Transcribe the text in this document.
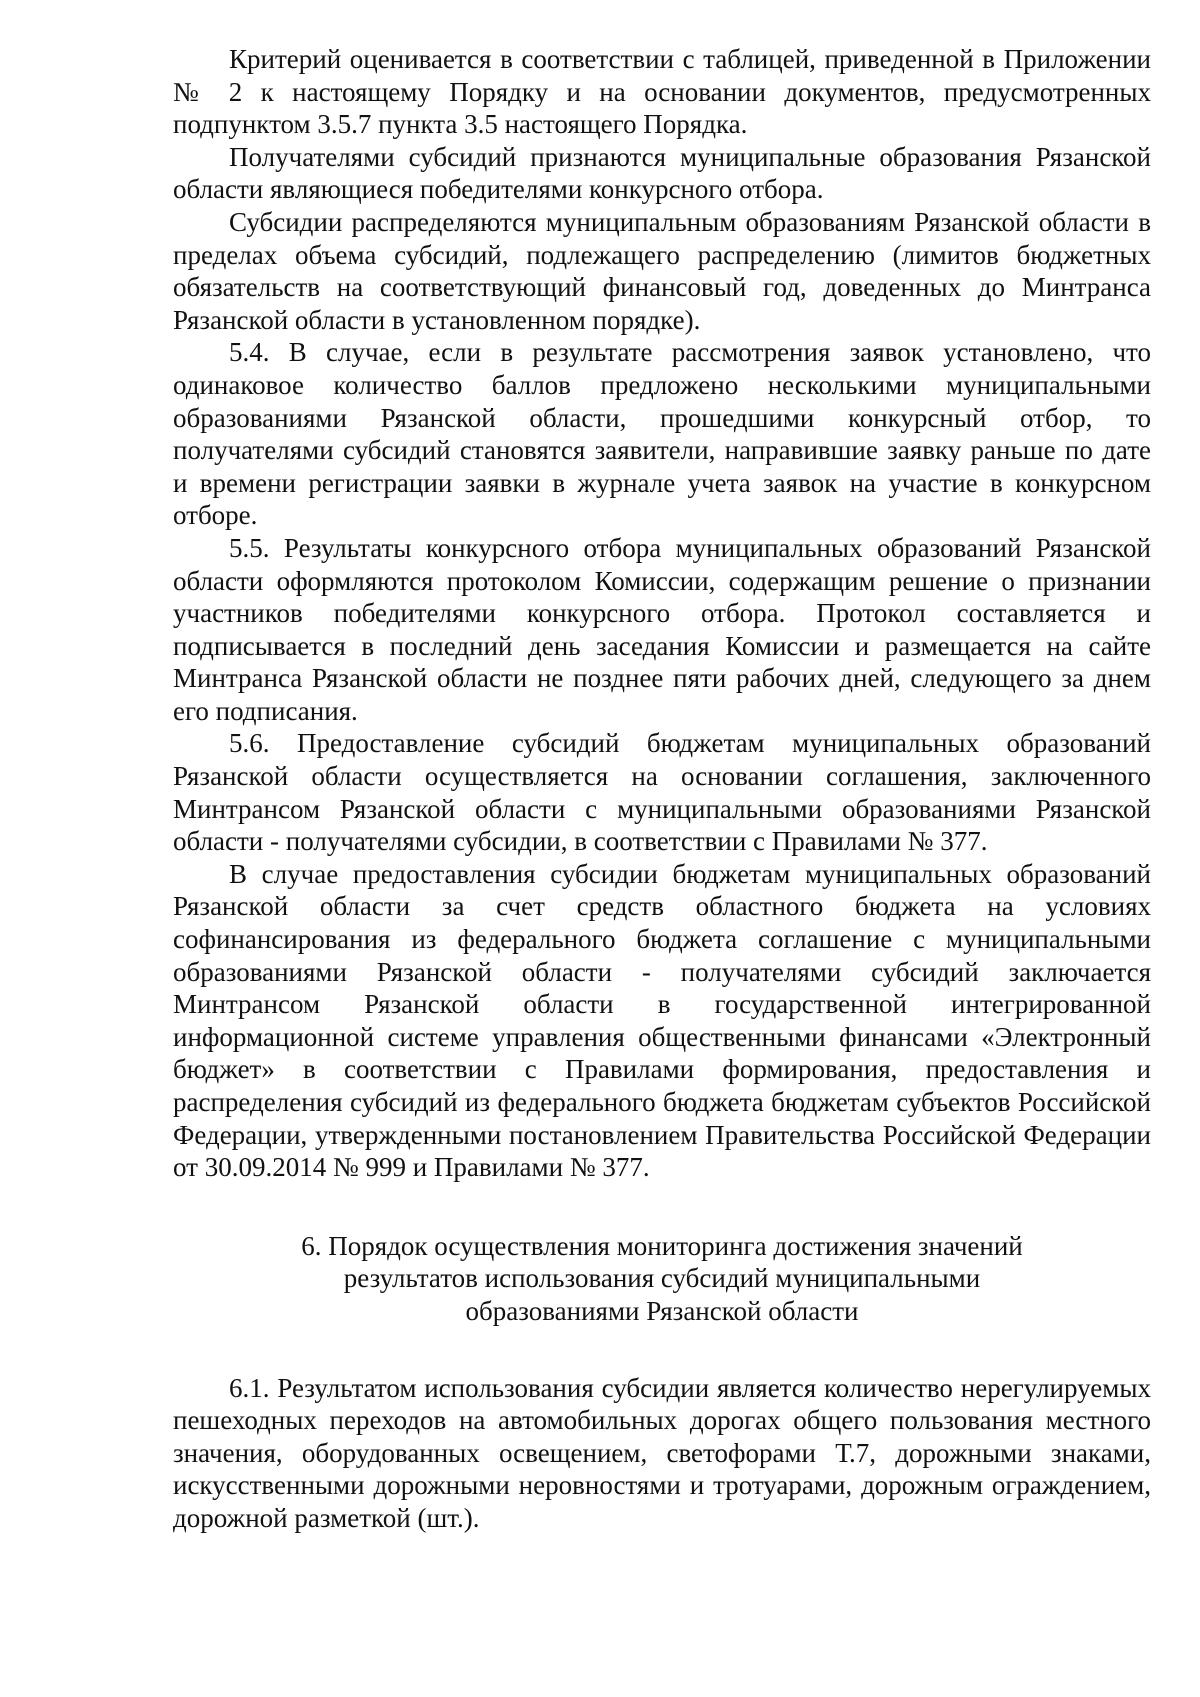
Критерий оценивается в соответствии с таблицей, приведенной в Приложении № 2 к настоящему Порядку и на основании документов, предусмотренных подпунктом 3.5.7 пункта 3.5 настоящего Порядка.

Получателями субсидий признаются муниципальные образования Рязанской области являющиеся победителями конкурсного отбора.

Субсидии распределяются муниципальным образованиям Рязанской области в пределах объема субсидий, подлежащего распределению (лимитов бюджетных обязательств на соответствующий финансовый год, доведенных до Минтранса Рязанской области в установленном порядке).

5.4. В случае, если в результате рассмотрения заявок установлено, что одинаковое количество баллов предложено несколькими муниципальными образованиями Рязанской области, прошедшими конкурсный отбор, то получателями субсидий становятся заявители, направившие заявку раньше по дате и времени регистрации заявки в журнале учета заявок на участие в конкурсном отборе.

5.5. Результаты конкурсного отбора муниципальных образований Рязанской области оформляются протоколом Комиссии, содержащим решение о признании участников победителями конкурсного отбора. Протокол составляется и подписывается в последний день заседания Комиссии и размещается на сайте Минтранса Рязанской области не позднее пяти рабочих дней, следующего за днем его подписания.

5.6. Предоставление субсидий бюджетам муниципальных образований Рязанской области осуществляется на основании соглашения, заключенного Минтрансом Рязанской области с муниципальными образованиями Рязанской области - получателями субсидии, в соответствии с Правилами № 377.

В случае предоставления субсидии бюджетам муниципальных образований Рязанской области за счет средств областного бюджета на условиях софинансирования из федерального бюджета соглашение с муниципальными образованиями Рязанской области - получателями субсидий заключается Минтрансом Рязанской области в государственной интегрированной информационной системе управления общественными финансами «Электронный бюджет» в соответствии с Правилами формирования, предоставления и распределения субсидий из федерального бюджета бюджетам субъектов Российской Федерации, утвержденными постановлением Правительства Российской Федерации от 30.09.2014 № 999 и Правилами № 377.

6. Порядок осуществления мониторинга достижения значений
результатов использования субсидий муниципальными
образованиями Рязанской области

6.1. Результатом использования субсидии является количество нерегулируемых пешеходных переходов на автомобильных дорогах общего пользования местного значения, оборудованных освещением, светофорами Т.7, дорожными знаками, искусственными дорожными неровностями и тротуарами, дорожным ограждением, дорожной разметкой (шт.).
